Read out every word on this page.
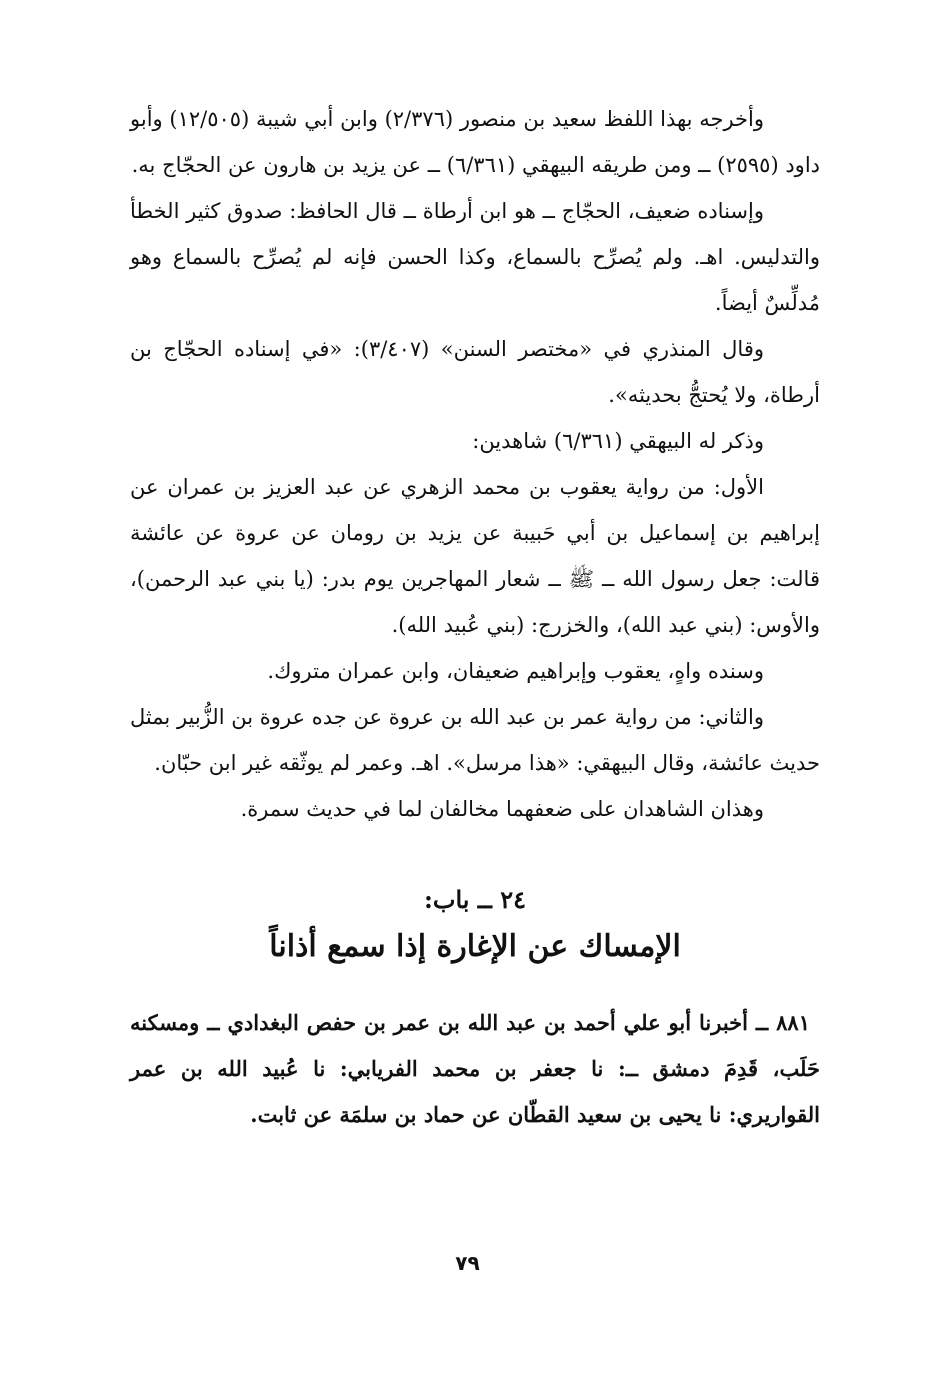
وأخرجه بهذا اللفظ سعيد بن منصور (٢/٣٧٦) وابن أبي شيبة (١٢/٥٠٥) وأبو داود (٢٥٩٥) ــ ومن طريقه البيهقي (٦/٣٦١) ــ عن يزيد بن هارون عن الحجّاج به.

وإسناده ضعيف، الحجّاج ــ هو ابن أرطاة ــ قال الحافظ: صدوق كثير الخطأ والتدليس. اهـ. ولم يُصرِّح بالسماع، وكذا الحسن فإنه لم يُصرِّح بالسماع وهو مُدلِّسٌ أيضاً.

وقال المنذري في «مختصر السنن» (٣/٤٠٧): «في إسناده الحجّاج بن أرطاة، ولا يُحتجُّ بحديثه».

وذكر له البيهقي (٦/٣٦١) شاهدين:

الأول: من رواية يعقوب بن محمد الزهري عن عبد العزيز بن عمران عن إبراهيم بن إسماعيل بن أبي حَبيبة عن يزيد بن رومان عن عروة عن عائشة قالت: جعل رسول الله ــ ﷺ ــ شعار المهاجرين يوم بدر: (يا بني عبد الرحمن)، والأوس: (بني عبد الله)، والخزرج: (بني عُبيد الله).

وسنده واهٍ، يعقوب وإبراهيم ضعيفان، وابن عمران متروك.

والثاني: من رواية عمر بن عبد الله بن عروة عن جده عروة بن الزُّبير بمثل حديث عائشة، وقال البيهقي: «هذا مرسل». اهـ. وعمر لم يوثّقه غير ابن حبّان.

وهذان الشاهدان على ضعفهما مخالفان لما في حديث سمرة.

٢٤ ــ باب:
الإمساك عن الإغارة إذا سمع أذاناً

٨٨١ ــ أخبرنا أبو علي أحمد بن عبد الله بن عمر بن حفص البغدادي ــ ومسكنه حَلَب، قَدِمَ دمشق ــ: نا جعفر بن محمد الفريابي: نا عُبيد الله بن عمر القواريري: نا يحيى بن سعيد القطّان عن حماد بن سلمَة عن ثابت.

٧٩
